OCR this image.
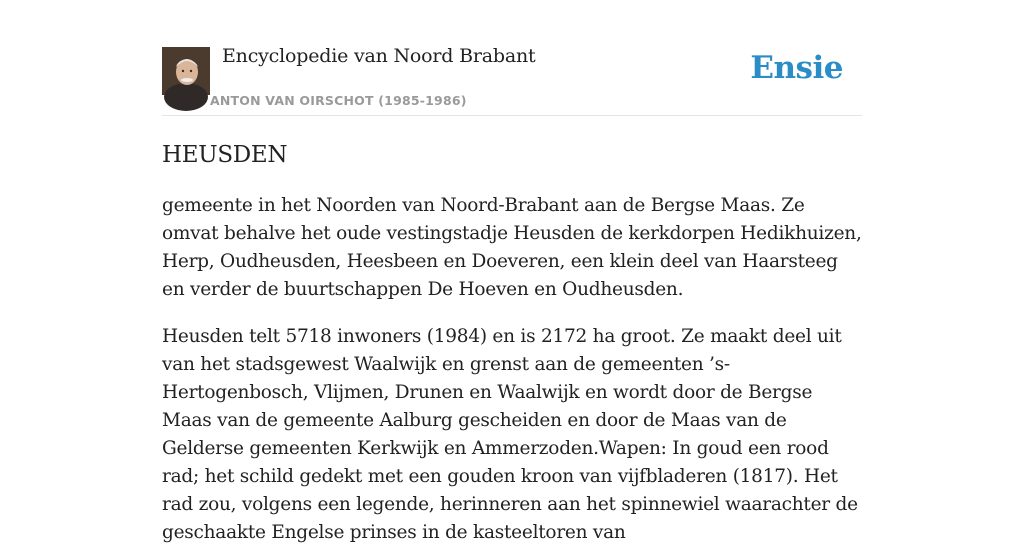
Encyclopedie van Noord Brabant
ANTON VAN OIRSCHOT (1985-1986)
Ensie
HEUSDEN

gemeente in het Noorden van Noord-Brabant aan de Bergse Maas. Ze omvat behalve het oude vestingstadje Heusden de kerkdorpen Hedikhuizen, Herp, Oudheusden, Heesbeen en Doeveren, een klein deel van Haarsteeg en verder de buurtschappen De Hoeven en Oudheusden.

Heusden telt 5718 inwoners (1984) en is 2172 ha groot. Ze maakt deel uit van het stadsgewest Waalwijk en grenst aan de gemeenten ’s-Hertogenbosch, Vlijmen, Drunen en Waalwijk en wordt door de Bergse Maas van de gemeente Aalburg gescheiden en door de Maas van de Gelderse gemeenten Kerkwijk en Ammerzoden.Wapen: In goud een rood rad; het schild gedekt met een gouden kroon van vijfbladeren (1817). Het rad zou, volgens een legende, herinneren aan het spinnewiel waarachter de geschaakte Engelse prinses in de kasteeltoren van
